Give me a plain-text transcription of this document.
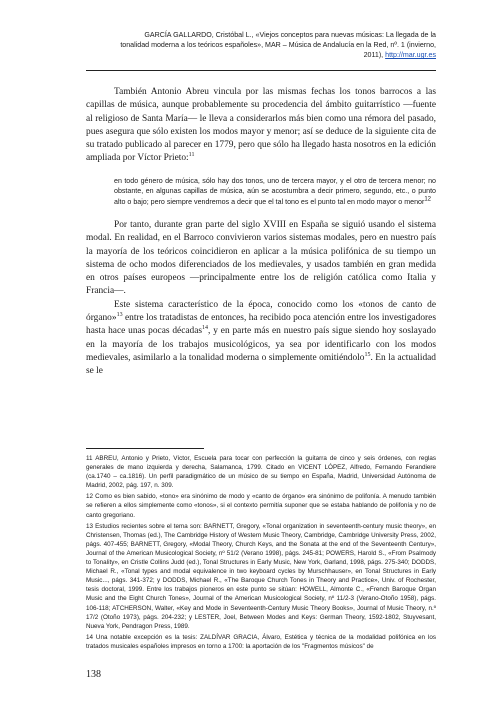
GARCÍA GALLARDO, Cristóbal L., «Viejos conceptos para nuevas músicas: La llegada de la
tonalidad moderna a los teóricos españoles», MAR – Música de Andalucía en la Red, nº. 1 (invierno,
2011), http://mar.ugr.es

También Antonio Abreu vincula por las mismas fechas los tonos barrocos a las capillas de música, aunque probablemente su procedencia del ámbito guitarrístico —fuente al religioso de Santa María— le lleva a considerarlos más bien como una rémora del pasado, pues asegura que sólo existen los modos mayor y menor; así se deduce de la siguiente cita de su tratado publicado al parecer en 1779, pero que sólo ha llegado hasta nosotros en la edición ampliada por Víctor Prieto:$^{11}$

en todo género de música, sólo hay dos tonos, uno de tercera mayor, y el otro de tercera menor; no obstante, en algunas capillas de música, aún se acostumbra a decir primero, segundo, etc., o punto alto o bajo; pero siempre vendremos a decir que el tal tono es el punto tal en modo mayor o menor$^{12}$

Por tanto, durante gran parte del siglo XVIII en España se siguió usando el sistema modal. En realidad, en el Barroco convivieron varios sistemas modales, pero en nuestro país la mayoría de los teóricos coincidieron en aplicar a la música polifónica de su tiempo un sistema de ocho modos diferenciados de los medievales, y usados también en gran medida en otros países europeos —principalmente entre los de religión católica como Italia y Francia—.

Este sistema característico de la época, conocido como los «tonos de canto de órgano»$^{13}$ entre los tratadistas de entonces, ha recibido poca atención entre los investigadores hasta hace unas pocas décadas$^{14}$, y en parte más en nuestro país sigue siendo hoy soslayado en la mayoría de los trabajos musicológicos, ya sea por identificarlo con los modos medievales, asimilarlo a la tonalidad moderna o simplemente omitiéndolo$^{15}$. En la actualidad se le

11 ABREU, Antonio y Prieto, Víctor, Escuela para tocar con perfección la guitarra de cinco y seis órdenes, con reglas generales de mano izquierda y derecha, Salamanca, 1799. Citado en VICENT LÓPEZ, Alfredo, Fernando Ferandiere (ca.1740 – ca.1816). Un perfil paradigmático de un músico de su tiempo en España, Madrid, Universidad Autónoma de Madrid, 2002, pág. 197, n. 309.

12 Como es bien sabido, «tono» era sinónimo de modo y «canto de órgano» era sinónimo de polifonía. A menudo también se refieren a ellos simplemente como «tonos», si el contexto permitía suponer que se estaba hablando de polifonía y no de canto gregoriano.

13 Estudios recientes sobre el tema son: BARNETT, Gregory, «Tonal organization in seventeenth-century music theory», en Christensen, Thomas (ed.), The Cambridge History of Western Music Theory, Cambridge, Cambridge University Press, 2002, págs. 407-455; BARNETT, Gregory, «Modal Theory, Church Keys, and the Sonata at the end of the Seventeenth Century», Journal of the American Musicological Society, nº 51/2 (Verano 1998), págs. 245-81; POWERS, Harold S., «From Psalmody to Tonality», en Cristle Collins Judd (ed.), Tonal Structures in Early Music, New York, Garland, 1998, págs. 275-340; DODDS, Michael R., «Tonal types and modal equivalence in two keyboard cycles by Murschhauser», en Tonal Structures in Early Music..., págs. 341-372; y DODDS, Michael R., «The Baroque Church Tones in Theory and Practice», Univ. of Rochester, tesis doctoral, 1999. Entre los trabajos pioneros en este punto se sitúan: HOWELL, Almonte C., «French Baroque Organ Music and the Eight Church Tones», Journal of the American Musicological Society, nº 11/2-3 (Verano-Otoño 1958), págs. 106-118; ATCHERSON, Walter, «Key and Mode in Seventeenth-Century Music Theory Books», Journal of Music Theory, n.º 17/2 (Otoño 1973), págs. 204-232; y LESTER, Joel, Between Modes and Keys: German Theory, 1592-1802, Stuyvesant, Nueva York, Pendragon Press, 1989.

14 Una notable excepción es la tesis: ZALDÍVAR GRACIA, Álvaro, Estética y técnica de la modalidad polifónica en los tratados musicales españoles impresos en torno a 1700: la aportación de los "Fragmentos músicos" de

138
